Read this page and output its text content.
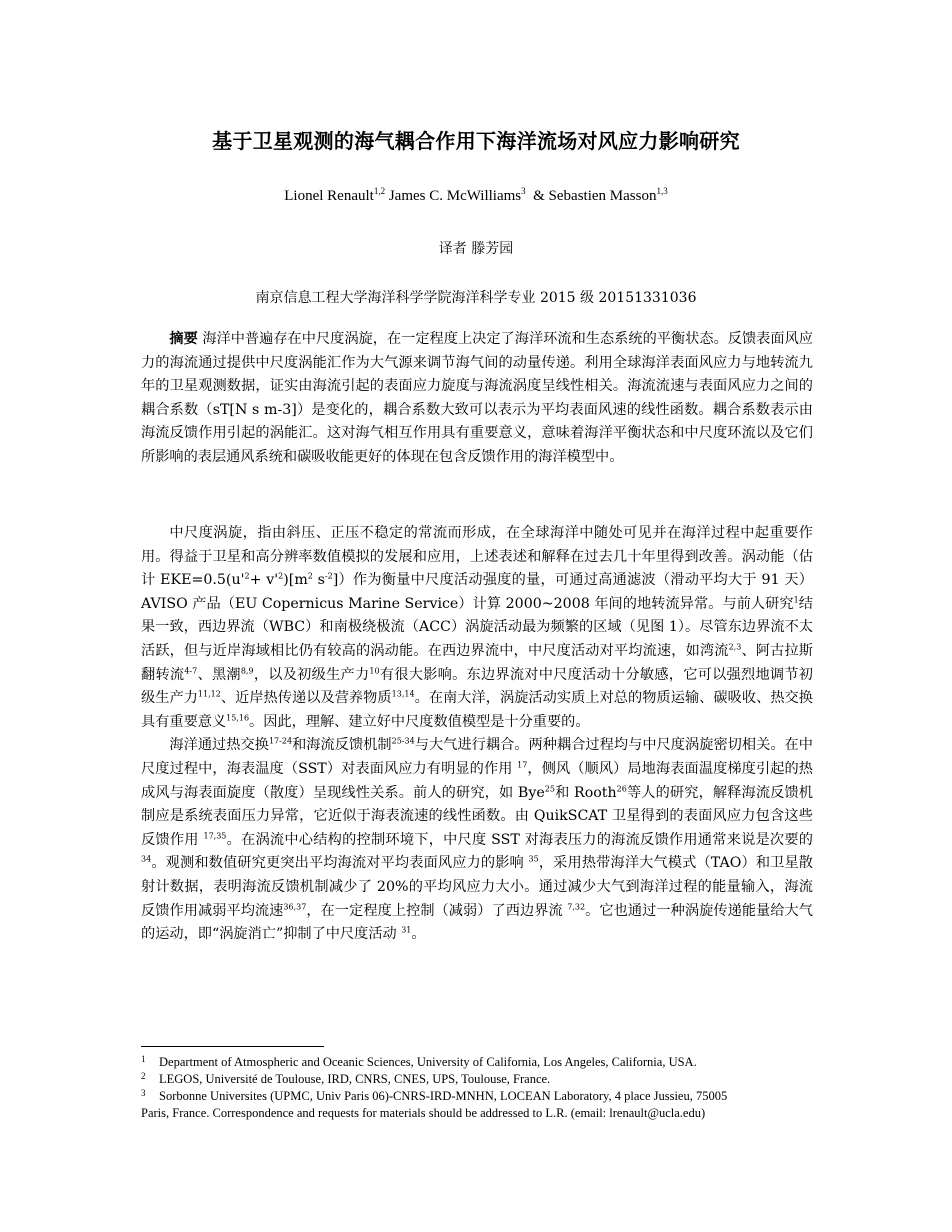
基于卫星观测的海气耦合作用下海洋流场对风应力影响研究
Lionel Renault$^{1,2}$ James C. McWilliams$^3$ & Sebastien Masson$^{1,3}$
译者 滕芳园
南京信息工程大学海洋科学学院海洋科学专业 2015 级 20151331036

摘要 海洋中普遍存在中尺度涡旋，在一定程度上决定了海洋环流和生态系统的平衡状态。反馈表面风应力的海流通过提供中尺度涡能汇作为大气源来调节海气间的动量传递。利用全球海洋表面风应力与地转流九年的卫星观测数据，证实由海流引起的表面应力旋度与海流涡度呈线性相关。海流流速与表面风应力之间的耦合系数（sT[N s m-3]）是变化的，耦合系数大致可以表示为平均表面风速的线性函数。耦合系数表示由海流反馈作用引起的涡能汇。这对海气相互作用具有重要意义，意味着海洋平衡状态和中尺度环流以及它们所影响的表层通风系统和碳吸收能更好的体现在包含反馈作用的海洋模型中。

中尺度涡旋，指由斜压、正压不稳定的常流而形成，在全球海洋中随处可见并在海洋过程中起重要作用。得益于卫星和高分辨率数值模拟的发展和应用，上述表述和解释在过去几十年里得到改善。涡动能（估计 $EKE=0.5(u'^2+ v'^2)[m^2$ $s^{-2}$]）作为衡量中尺度活动强度的量，可通过高通滤波（滑动平均大于 91 天）AVISO 产品（EU Copernicus Marine Service）计算 2000~2008 年间的地转流异常。与前人研究$^1$结果一致，西边界流（WBC）和南极绕极流（ACC）涡旋活动最为频繁的区域（见图 1）。尽管东边界流不太活跃，但与近岸海域相比仍有较高的涡动能。在西边界流中，中尺度活动对平均流速，如湾流$^{2,3}$、阿古拉斯翻转流$^{4-7}$、黑潮$^{8,9}$，以及初级生产力$^{10}$有很大影响。东边界流对中尺度活动十分敏感，它可以强烈地调节初级生产力$^{11,12}$、近岸热传递以及营养物质$^{13,14}$。在南大洋，涡旋活动实质上对总的物质运输、碳吸收、热交换具有重要意义$^{15,16}$。因此，理解、建立好中尺度数值模型是十分重要的。

海洋通过热交换$^{17-24}$和海流反馈机制$^{25-34}$与大气进行耦合。两种耦合过程均与中尺度涡旋密切相关。在中尺度过程中，海表温度（SST）对表面风应力有明显的作用 $^{17}$，侧风（顺风）局地海表面温度梯度引起的热成风与海表面旋度（散度）呈现线性关系。前人的研究，如 Bye$^{25}$和 Rooth$^{26}$等人的研究，解释海流反馈机制应是系统表面压力异常，它近似于海表流速的线性函数。由 QuikSCAT 卫星得到的表面风应力包含这些反馈作用 $^{17,35}$。在涡流中心结构的控制环境下，中尺度 SST 对海表压力的海流反馈作用通常来说是次要的 $^{34}$。观测和数值研究更突出平均海流对平均表面风应力的影响 $^{35}$，采用热带海洋大气模式（TAO）和卫星散射计数据，表明海流反馈机制减少了 20%的平均风应力大小。通过减少大气到海洋过程的能量输入，海流反馈作用减弱平均流速$^{36,37}$，在一定程度上控制（减弱）了西边界流 $^{7,32}$。它也通过一种涡旋传递能量给大气的运动，即“涡旋消亡”抑制了中尺度活动 $^{31}$。

1	Department of Atmospheric and Oceanic Sciences, University of California, Los Angeles, California, USA.
2	LEGOS, Université de Toulouse, IRD, CNRS, CNES, UPS, Toulouse, France.
3	Sorbonne Universites (UPMC, Univ Paris 06)-CNRS-IRD-MNHN, LOCEAN Laboratory, 4 place Jussieu, 75005
Paris, France. Correspondence and requests for materials should be addressed to L.R. (email: lrenault@ucla.edu)
